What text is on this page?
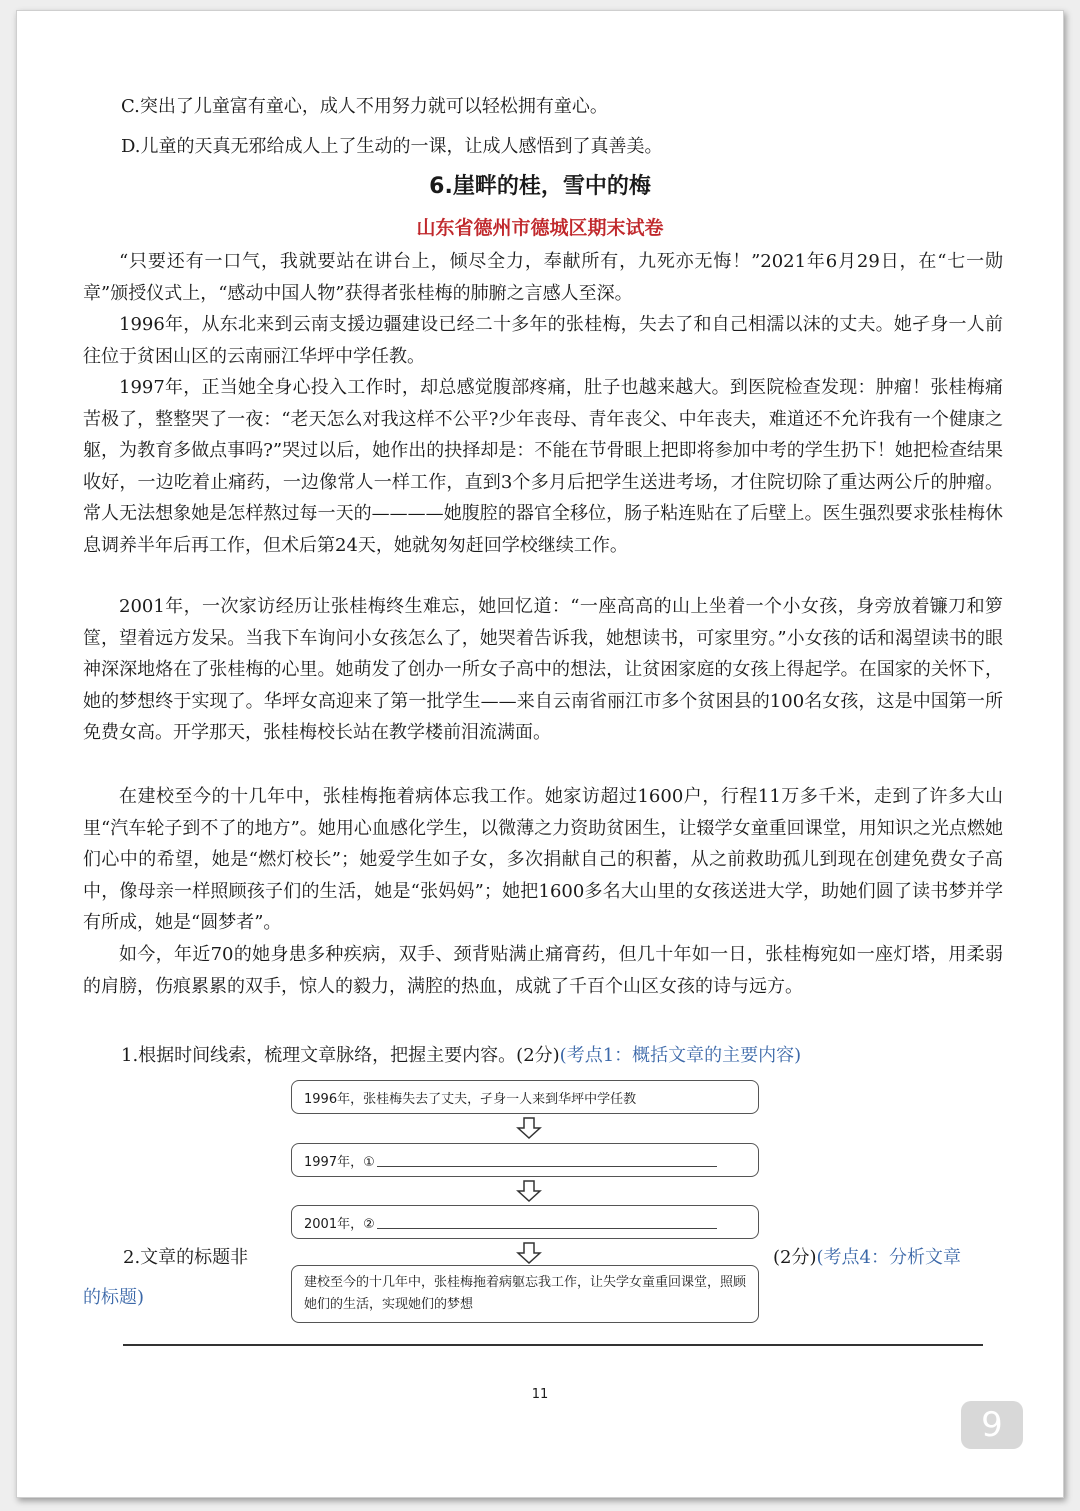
C.突出了儿童富有童心，成人不用努力就可以轻松拥有童心。

D.儿童的天真无邪给成人上了生动的一课，让成人感悟到了真善美。

6.崖畔的桂，雪中的梅
山东省德州市德城区期末试卷

“只要还有一口气，我就要站在讲台上，倾尽全力，奉献所有，九死亦无悔！”2021年6月29日，在“七一勋章”颁授仪式上，“感动中国人物”获得者张桂梅的肺腑之言感人至深。

1996年，从东北来到云南支援边疆建设已经二十多年的张桂梅，失去了和自己相濡以沫的丈夫。她孑身一人前往位于贫困山区的云南丽江华坪中学任教。

1997年，正当她全身心投入工作时，却总感觉腹部疼痛，肚子也越来越大。到医院检查发现：肿瘤！张桂梅痛苦极了，整整哭了一夜：“老天怎么对我这样不公平?少年丧母、青年丧父、中年丧夫，难道还不允许我有一个健康之躯，为教育多做点事吗?”哭过以后，她作出的抉择却是：不能在节骨眼上把即将参加中考的学生扔下！她把检查结果收好，一边吃着止痛药，一边像常人一样工作，直到3个多月后把学生送进考场，才住院切除了重达两公斤的肿瘤。常人无法想象她是怎样熬过每一天的————她腹腔的器官全移位，肠子粘连贴在了后壁上。医生强烈要求张桂梅休息调养半年后再工作，但术后第24天，她就匆匆赶回学校继续工作。

2001年，一次家访经历让张桂梅终生难忘，她回忆道：“一座高高的山上坐着一个小女孩，身旁放着镰刀和箩筐，望着远方发呆。当我下车询问小女孩怎么了，她哭着告诉我，她想读书，可家里穷。”小女孩的话和渴望读书的眼神深深地烙在了张桂梅的心里。她萌发了创办一所女子高中的想法，让贫困家庭的女孩上得起学。在国家的关怀下，她的梦想终于实现了。华坪女高迎来了第一批学生——来自云南省丽江市多个贫困县的100名女孩，这是中国第一所免费女高。开学那天，张桂梅校长站在教学楼前泪流满面。

在建校至今的十几年中，张桂梅拖着病体忘我工作。她家访超过1600户，行程11万多千米，走到了许多大山里“汽车轮子到不了的地方”。她用心血感化学生，以微薄之力资助贫困生，让辍学女童重回课堂，用知识之光点燃她们心中的希望，她是“燃灯校长”；她爱学生如子女，多次捐献自己的积蓄，从之前救助孤儿到现在创建免费女子高中，像母亲一样照顾孩子们的生活，她是“张妈妈”；她把1600多名大山里的女孩送进大学，助她们圆了读书梦并学有所成，她是“圆梦者”。

如今，年近70的她身患多种疾病，双手、颈背贴满止痛膏药，但几十年如一日，张桂梅宛如一座灯塔，用柔弱的肩膀，伤痕累累的双手，惊人的毅力，满腔的热血，成就了千百个山区女孩的诗与远方。

1.根据时间线索，梳理文章脉络，把握主要内容。(2分)(考点1：概括文章的主要内容)
2.文章的标题非	(2分)(考点4：分析文章
的标题)
1996年，张桂梅失去了丈夫，孑身一人来到华坪中学任教
1997年，①
2001年，②
建校至今的十几年中，张桂梅拖着病躯忘我工作，让失学女童重回课堂，照顾她们的生活，实现她们的梦想
11
9
